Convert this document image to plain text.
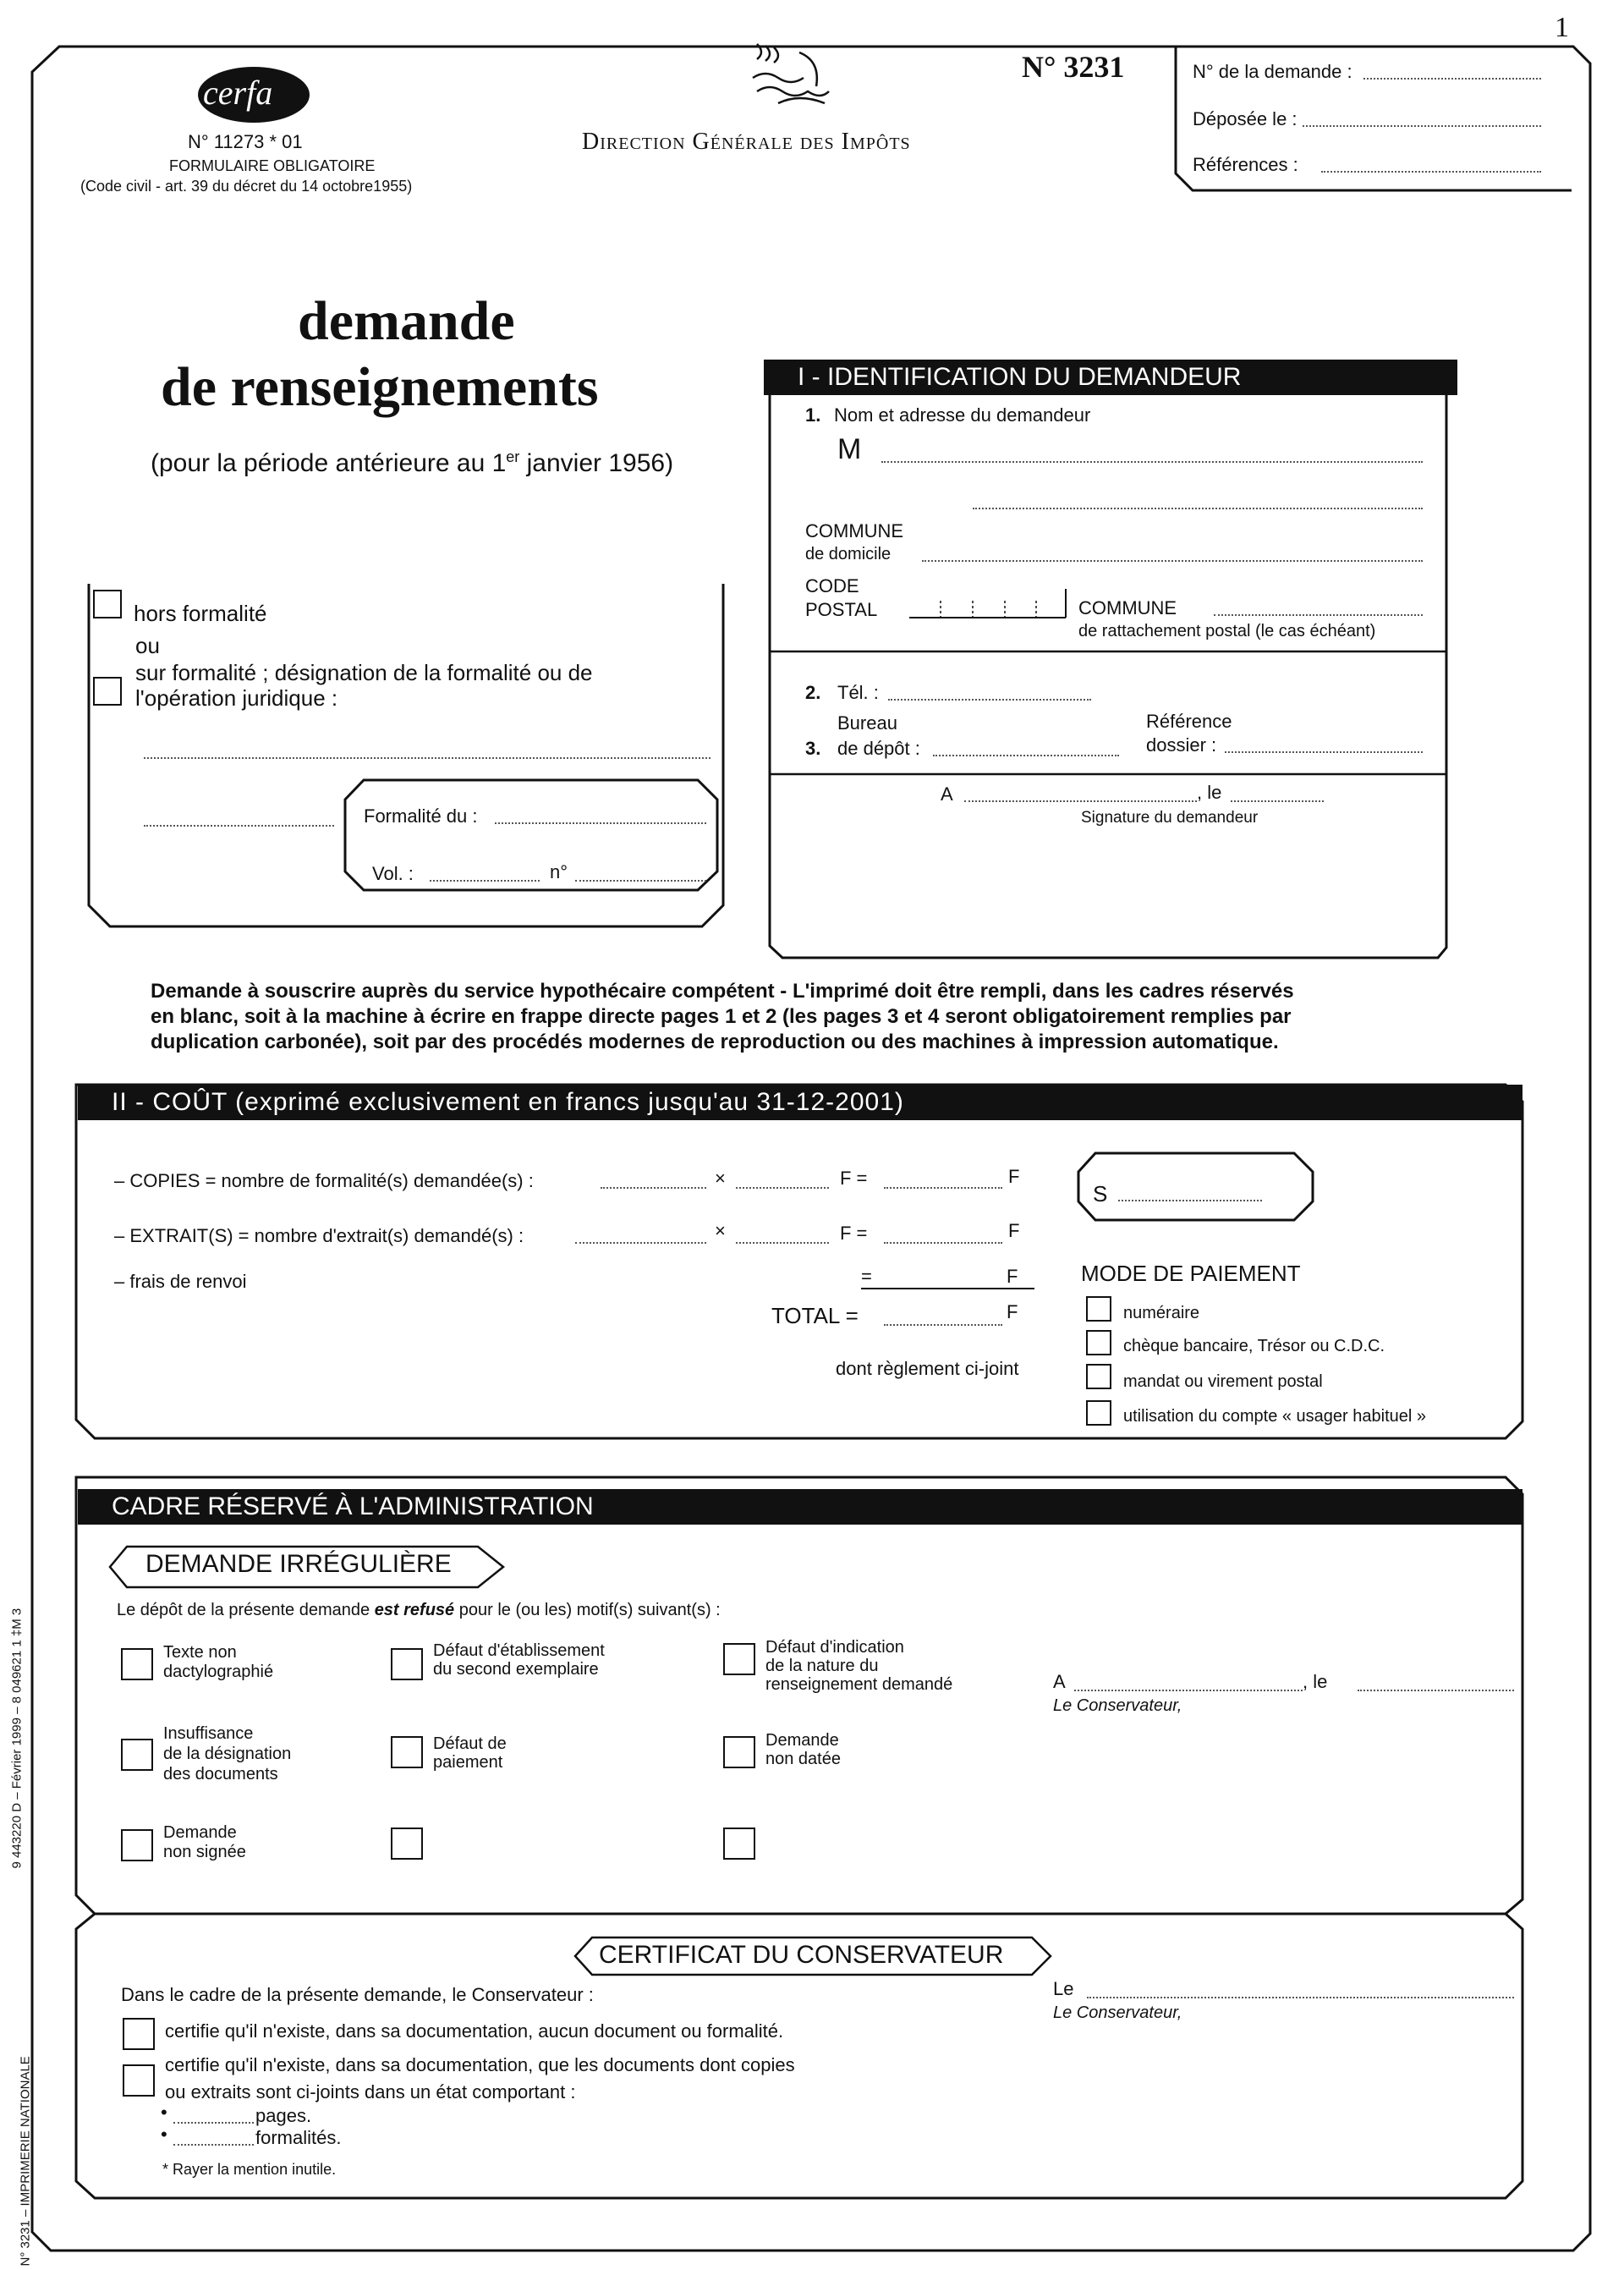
1
cerfa
N° 11273 * 01
FORMULAIRE OBLIGATOIRE
(Code civil - art. 39 du décret du 14 octobre1955)
Direction Générale des Impôts
N° 3231	N° de la demande :
Déposée le :
Références :
demande
de renseignements
(pour la période antérieure au 1er janvier 1956)
hors formalité
ou
sur formalité ; désignation de la formalité ou de
l'opération juridique :
Formalité du :
Vol. :	n°
I - IDENTIFICATION DU DEMANDEUR
1. Nom et adresse du demandeur
M
COMMUNE
de domicile
CODE
POSTAL	COMMUNE
de rattachement postal (le cas échéant)
2. Tél. :
Bureau
3. de dépôt :
Référence
dossier :
A	, le
Signature du demandeur
Demande à souscrire auprès du service hypothécaire compétent - L'imprimé doit être rempli, dans les cadres réservés
en blanc, soit à la machine à écrire en frappe directe pages 1 et 2 (les pages 3 et 4 seront obligatoirement remplies par
duplication carbonée), soit par des procédés modernes de reproduction ou des machines à impression automatique.
II - COÛT (exprimé exclusivement en francs jusqu'au 31-12-2001)
– COPIES = nombre de formalité(s) demandée(s) :	×	F =	F
– EXTRAIT(S) = nombre d'extrait(s) demandé(s) :	×	F =	F
– frais de renvoi	=	F
TOTAL =	F
dont règlement ci-joint
S
MODE DE PAIEMENT
numéraire
chèque bancaire, Trésor ou C.D.C.
mandat ou virement postal
utilisation du compte « usager habituel »
CADRE RÉSERVÉ À L'ADMINISTRATION
DEMANDE IRRÉGULIÈRE
Le dépôt de la présente demande est refusé pour le (ou les) motif(s) suivant(s) :
Texte non
dactylographié
Défaut d'établissement
du second exemplaire
Défaut d'indication
de la nature du
renseignement demandé
Insuffisance
de la désignation
des documents
Défaut de
paiement
Demande
non datée
Demande
non signée
A	, le
Le Conservateur,
CERTIFICAT DU CONSERVATEUR
Dans le cadre de la présente demande, le Conservateur :
certifie qu'il n'existe, dans sa documentation, aucun document ou formalité.
certifie qu'il n'existe, dans sa documentation, que les documents dont copies
ou extraits sont ci-joints dans un état comportant :
•	pages.
•	formalités.
* Rayer la mention inutile.
Le
Le Conservateur,
9 443220 D – Février 1999 – 8 049621 1 ‡M 3
N° 3231 – IMPRIMERIE NATIONALE
